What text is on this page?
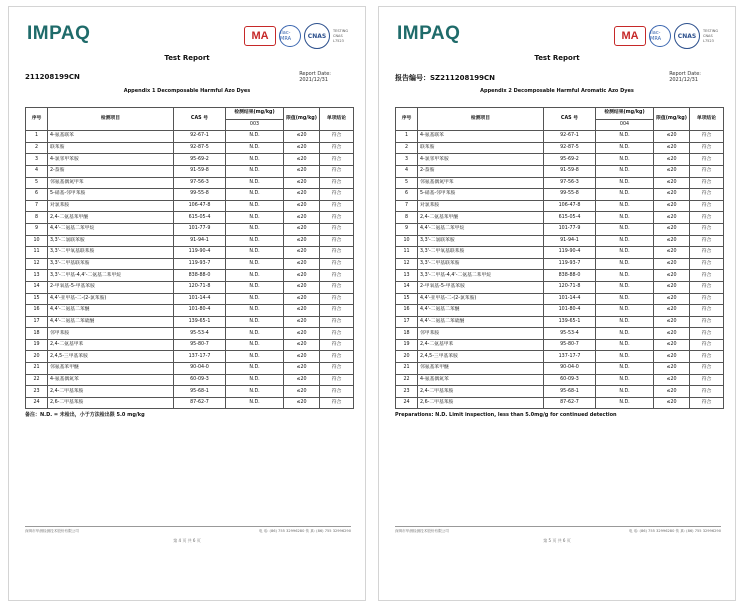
IMPAQ	MA	ilac-MRA	CNAS
TESTING CNAS L7523
Test Report
211208199CN	Report Date:
2021/12/31
Appendix 1 Decomposable Harmful Azo Dyes
序号	检测项目	CAS 号	检测结果(mg/kg)	限值(mg/kg)	单项结论
			003		
1	4-氨基联苯	92-67-1	N.D.	≤20	符合
2	联苯胺	92-87-5	N.D.	≤20	符合
3	4-氯邻甲苯胺	95-69-2	N.D.	≤20	符合
4	2-萘胺	91-59-8	N.D.	≤20	符合
5	邻氨基偶氮甲苯	97-56-3	N.D.	≤20	符合
6	5-硝基-邻甲苯胺	99-55-8	N.D.	≤20	符合
7	对氯苯胺	106-47-8	N.D.	≤20	符合
8	2,4-二氨基苯甲醚	615-05-4	N.D.	≤20	符合
9	4,4'-二氨基二苯甲烷	101-77-9	N.D.	≤20	符合
10	3,3'-二氯联苯胺	91-94-1	N.D.	≤20	符合
11	3,3'-二甲氧基联苯胺	119-90-4	N.D.	≤20	符合
12	3,3'-二甲基联苯胺	119-93-7	N.D.	≤20	符合
13	3,3'-二甲基-4,4'-二氨基二苯甲烷	838-88-0	N.D.	≤20	符合
14	2-甲氧基-5-甲基苯胺	120-71-8	N.D.	≤20	符合
15	4,4'-亚甲基-二-(2-氯苯胺)	101-14-4	N.D.	≤20	符合
16	4,4'-二氨基二苯醚	101-80-4	N.D.	≤20	符合
17	4,4'-二氨基二苯硫醚	139-65-1	N.D.	≤20	符合
18	邻甲苯胺	95-53-4	N.D.	≤20	符合
19	2,4-二氨基甲苯	95-80-7	N.D.	≤20	符合
20	2,4,5-三甲基苯胺	137-17-7	N.D.	≤20	符合
21	邻氨基苯甲醚	90-04-0	N.D.	≤20	符合
22	4-氨基偶氮苯	60-09-3	N.D.	≤20	符合
23	2,4-二甲基苯胺	95-68-1	N.D.	≤20	符合
24	2,6-二甲基苯胺	87-62-7	N.D.	≤20	符合
备注：N.D. = 未检出，小于方法检出限 5.0 mg/kg
深圳市华测检测技术股份有限公司	电 话: (86) 755 32996280 传 真: (86) 755 32996290
第 4 页 共 6 页
IMPAQ	MA	ilac-MRA	CNAS
TESTING CNAS L7523
Test Report
报告编号：SZ211208199CN	Report Date:
2021/12/31
Appendix 2 Decomposable Harmful Aromatic Azo Dyes
序号	检测项目	CAS 号	检测结果(mg/kg)	限值(mg/kg)	单项结论
			004		
1	4-氨基联苯	92-67-1	N.D.	≤20	符合
2	联苯胺	92-87-5	N.D.	≤20	符合
3	4-氯邻甲苯胺	95-69-2	N.D.	≤20	符合
4	2-萘胺	91-59-8	N.D.	≤20	符合
5	邻氨基偶氮甲苯	97-56-3	N.D.	≤20	符合
6	5-硝基-邻甲苯胺	99-55-8	N.D.	≤20	符合
7	对氯苯胺	106-47-8	N.D.	≤20	符合
8	2,4-二氨基苯甲醚	615-05-4	N.D.	≤20	符合
9	4,4'-二氨基二苯甲烷	101-77-9	N.D.	≤20	符合
10	3,3'-二氯联苯胺	91-94-1	N.D.	≤20	符合
11	3,3'-二甲氧基联苯胺	119-90-4	N.D.	≤20	符合
12	3,3'-二甲基联苯胺	119-93-7	N.D.	≤20	符合
13	3,3'-二甲基-4,4'-二氨基二苯甲烷	838-88-0	N.D.	≤20	符合
14	2-甲氧基-5-甲基苯胺	120-71-8	N.D.	≤20	符合
15	4,4'-亚甲基-二-(2-氯苯胺)	101-14-4	N.D.	≤20	符合
16	4,4'-二氨基二苯醚	101-80-4	N.D.	≤20	符合
17	4,4'-二氨基二苯硫醚	139-65-1	N.D.	≤20	符合
18	邻甲苯胺	95-53-4	N.D.	≤20	符合
19	2,4-二氨基甲苯	95-80-7	N.D.	≤20	符合
20	2,4,5-三甲基苯胺	137-17-7	N.D.	≤20	符合
21	邻氨基苯甲醚	90-04-0	N.D.	≤20	符合
22	4-氨基偶氮苯	60-09-3	N.D.	≤20	符合
23	2,4-二甲基苯胺	95-68-1	N.D.	≤20	符合
24	2,6-二甲基苯胺	87-62-7	N.D.	≤20	符合
Preparations: N.D. Limit inspection, less than 5.0mg/g for continued detection
深圳市华测检测技术股份有限公司	电 话: (86) 755 32996280 传 真: (86) 755 32996290
第 5 页 共 6 页
